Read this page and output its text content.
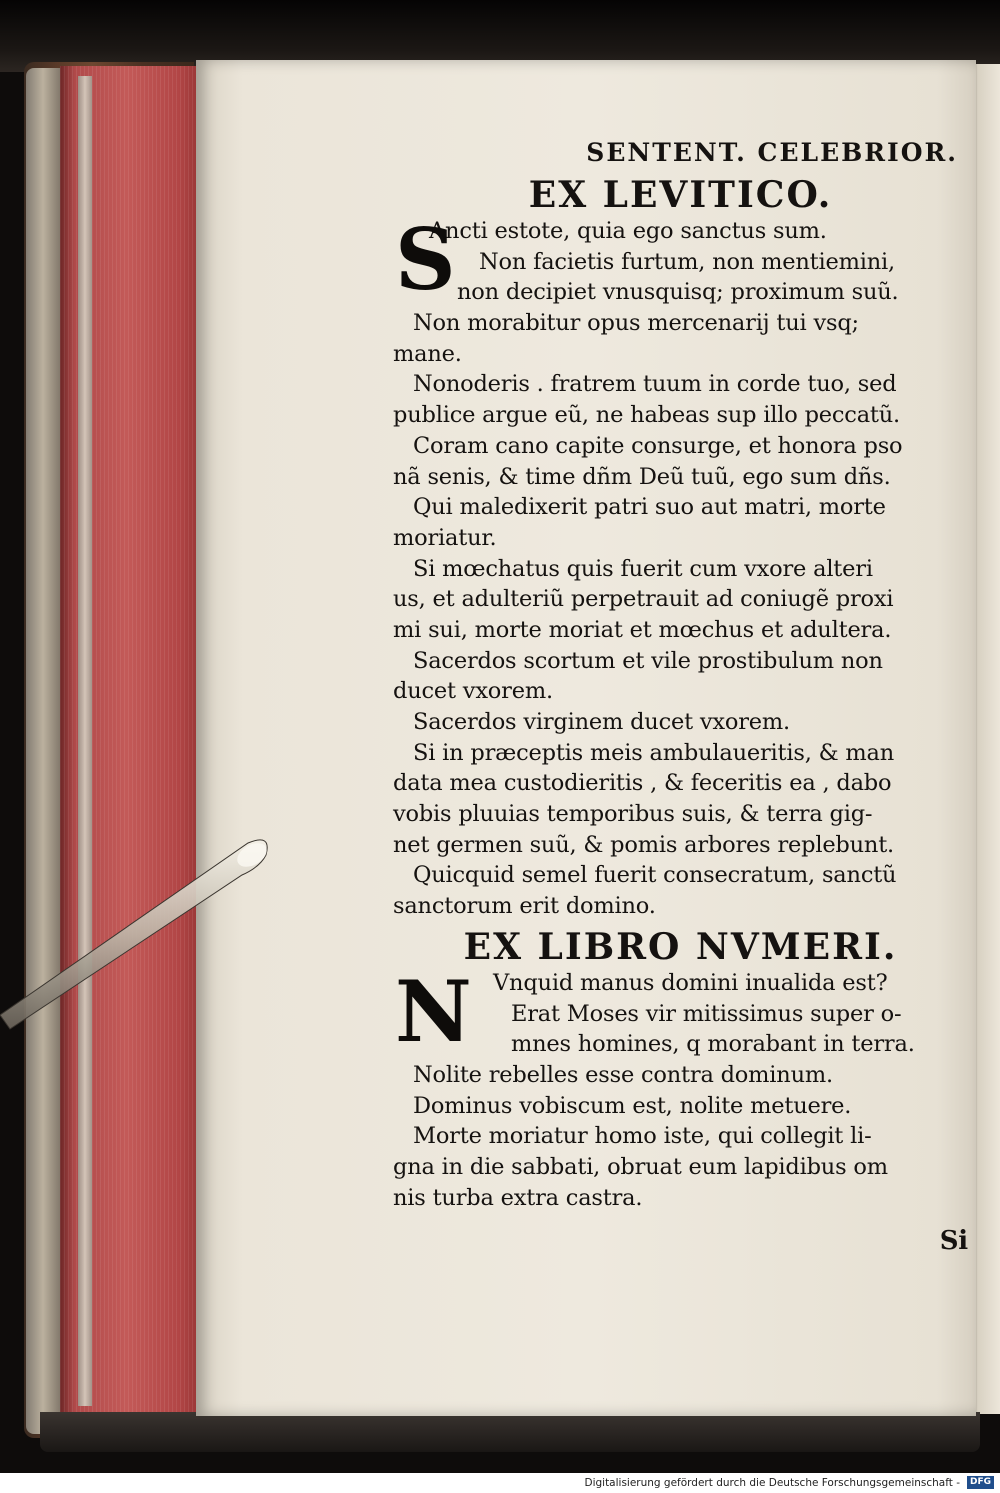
SENTENT. CELEBRIOR.
EX LEVITICO.
S
Ancti estote, quia ego sanctus sum.
Non facietis furtum, non mentiemini,
non decipiet vnusquisq; proximum suũ.
Non morabitur opus mercenarij tui vsq;
mane.
Nonoderis . fratrem tuum in corde tuo, sed
publice argue eũ, ne habeas sup illo peccatũ.
Coram cano capite consurge, et honora pso
nã senis, & time dñm Deũ tuũ, ego sum dñs.
Qui maledixerit patri suo aut matri, morte
moriatur.
Si mœchatus quis fuerit cum vxore alteri
us, et adulteriũ perpetrauit ad coniugẽ proxi
mi sui, morte moriat et mœchus et adultera.
Sacerdos scortum et vile prostibulum non
ducet vxorem.
Sacerdos virginem ducet vxorem.
Si in præceptis meis ambulaueritis, & man
data mea custodieritis , & feceritis ea , dabo
vobis pluuias temporibus suis, & terra gig-
net germen suũ, & pomis arbores replebunt.
Quicquid semel fuerit consecratum, sanctũ
sanctorum erit domino.
EX LIBRO NVMERI.
N Vnquid manus domini inualida est?
Erat Moses vir mitissimus super o-
mnes homines, q morabant in terra.
Nolite rebelles esse contra dominum.
Dominus vobiscum est, nolite metuere.
Morte moriatur homo iste, qui collegit li-
gna in die sabbati, obruat eum lapidibus om
nis turba extra castra.
Si
Digitalisierung gefördert durch die Deutsche Forschungsgemeinschaft -	DFG
